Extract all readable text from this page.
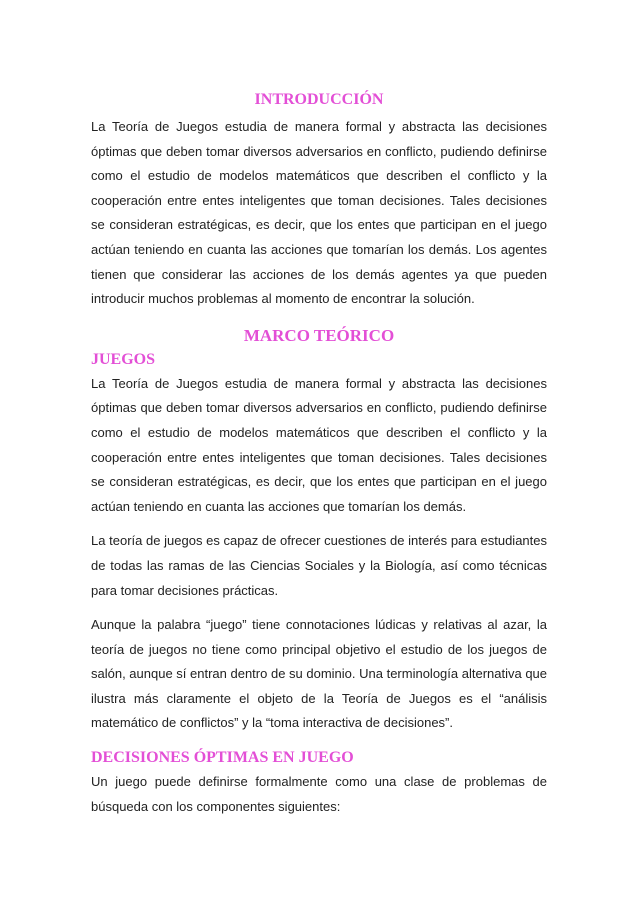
INTRODUCCIÓN

La Teoría de Juegos estudia de manera formal y abstracta las decisiones óptimas que deben tomar diversos adversarios en conflicto, pudiendo definirse como el estudio de modelos matemáticos que describen el conflicto y la cooperación entre entes inteligentes que toman decisiones. Tales decisiones se consideran estratégicas, es decir, que los entes que participan en el juego actúan teniendo en cuanta las acciones que tomarían los demás. Los agentes tienen que considerar las acciones de los demás agentes ya que pueden introducir muchos problemas al momento de encontrar la solución.

MARCO TEÓRICO
JUEGOS

La Teoría de Juegos estudia de manera formal y abstracta las decisiones óptimas que deben tomar diversos adversarios en conflicto, pudiendo definirse como el estudio de modelos matemáticos que describen el conflicto y la cooperación entre entes inteligentes que toman decisiones. Tales decisiones se consideran estratégicas, es decir, que los entes que participan en el juego actúan teniendo en cuanta las acciones que tomarían los demás.

La teoría de juegos es capaz de ofrecer cuestiones de interés para estudiantes de todas las ramas de las Ciencias Sociales y la Biología, así como técnicas para tomar decisiones prácticas.

Aunque la palabra “juego” tiene connotaciones lúdicas y relativas al azar, la teoría de juegos no tiene como principal objetivo el estudio de los juegos de salón, aunque sí entran dentro de su dominio. Una terminología alternativa que ilustra más claramente el objeto de la Teoría de Juegos es el “análisis matemático de conflictos” y la “toma interactiva de decisiones”.

DECISIONES ÓPTIMAS EN JUEGO

Un juego puede definirse formalmente como una clase de problemas de búsqueda con los componentes siguientes:
